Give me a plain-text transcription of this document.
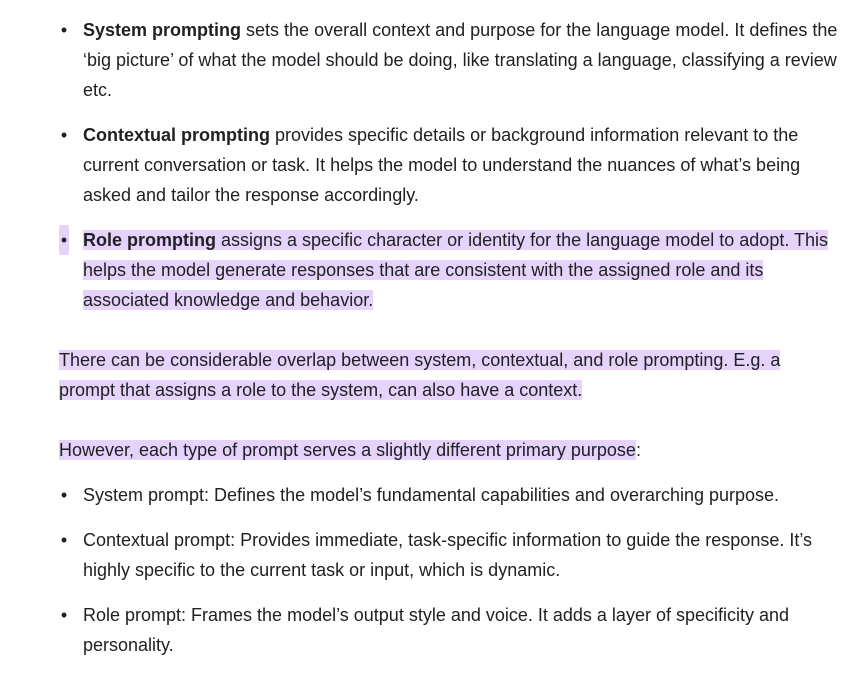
• System prompting sets the overall context and purpose for the language model. It defines the ‘big picture’ of what the model should be doing, like translating a language, classifying a review etc.
• Contextual prompting provides specific details or background information relevant to the current conversation or task. It helps the model to understand the nuances of what’s being asked and tailor the response accordingly.
• Role prompting assigns a specific character or identity for the language model to adopt. This helps the model generate responses that are consistent with the assigned role and its associated knowledge and behavior.

There can be considerable overlap between system, contextual, and role prompting. E.g. a prompt that assigns a role to the system, can also have a context.

However, each type of prompt serves a slightly different primary purpose:

• System prompt: Defines the model’s fundamental capabilities and overarching purpose.
• Contextual prompt: Provides immediate, task-specific information to guide the response. It’s highly specific to the current task or input, which is dynamic.
• Role prompt: Frames the model’s output style and voice. It adds a layer of specificity and personality.
